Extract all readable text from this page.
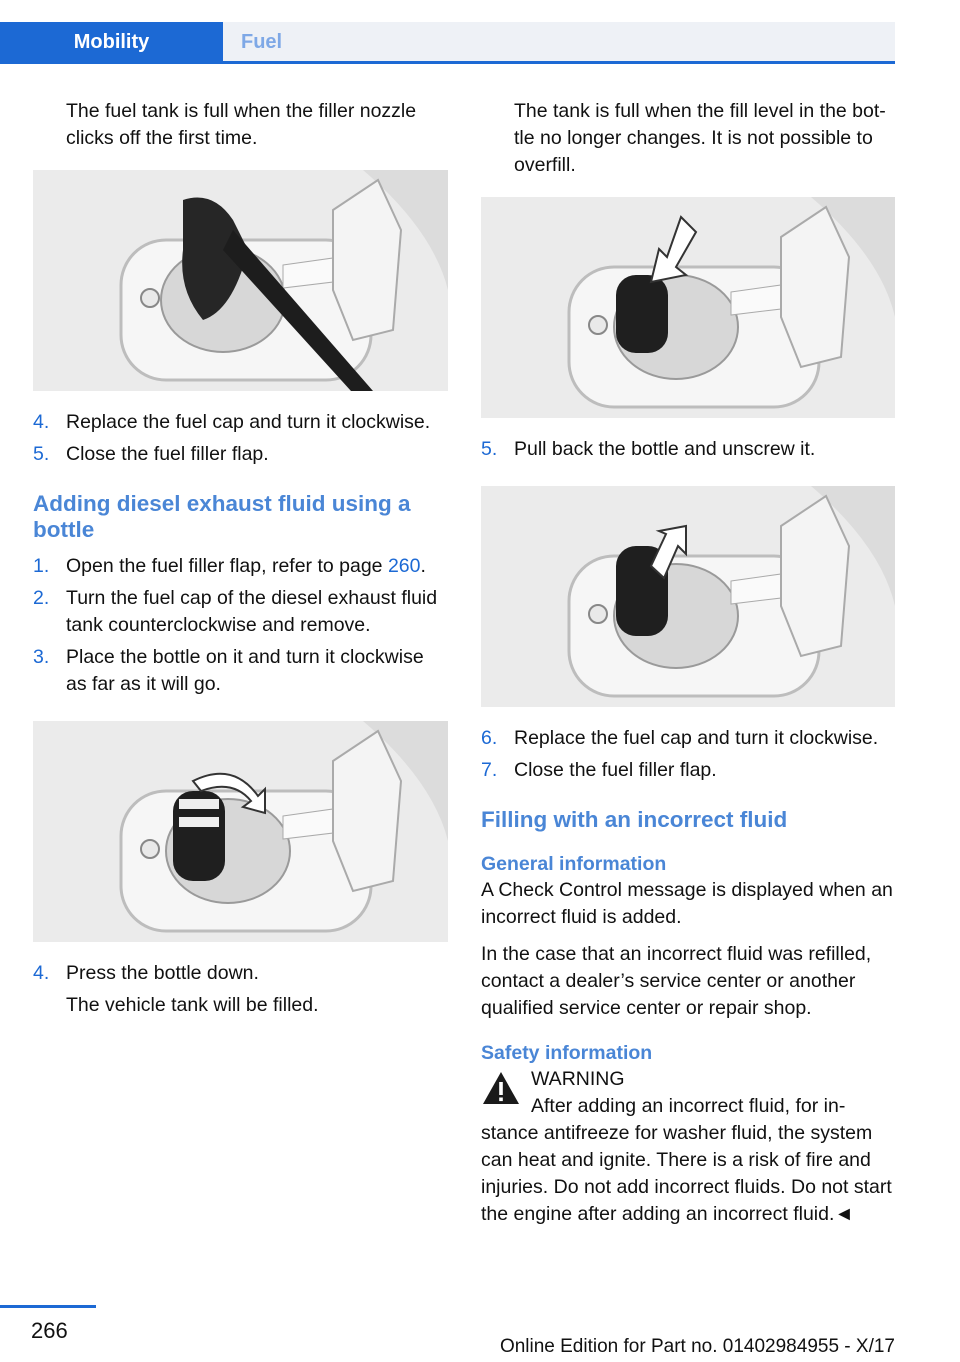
Mobility	Fuel

The fuel tank is full when the filler nozzle

clicks off the first time.

4. Replace the fuel cap and turn it clockwise.
5. Close the fuel filler flap.
Adding diesel exhaust fluid using a bottle
1. Open the fuel filler flap, refer to page 260.
2. Turn the fuel cap of the diesel exhaust fluid tank counterclockwise and remove.
3. Place the bottle on it and turn it clockwise as far as it will go.
4. Press the bottle down.

The vehicle tank will be filled.

The tank is full when the fill level in the bot-

tle no longer changes. It is not possible to

overfill.

5. Pull back the bottle and unscrew it.
6. Replace the fuel cap and turn it clockwise.
7. Close the fuel filler flap.
Filling with an incorrect fluid
General information

A Check Control message is displayed when an incorrect fluid is added.

In the case that an incorrect fluid was refilled, contact a dealer’s service center or another qualified service center or repair shop.

Safety information

WARNING

After adding an incorrect fluid, for in-

stance antifreeze for washer fluid, the system can heat and ignite. There is a risk of fire and injuries. Do not add incorrect fluids. Do not start the engine after adding an incorrect fluid.◄

266
Online Edition for Part no. 01402984955 - X/17
